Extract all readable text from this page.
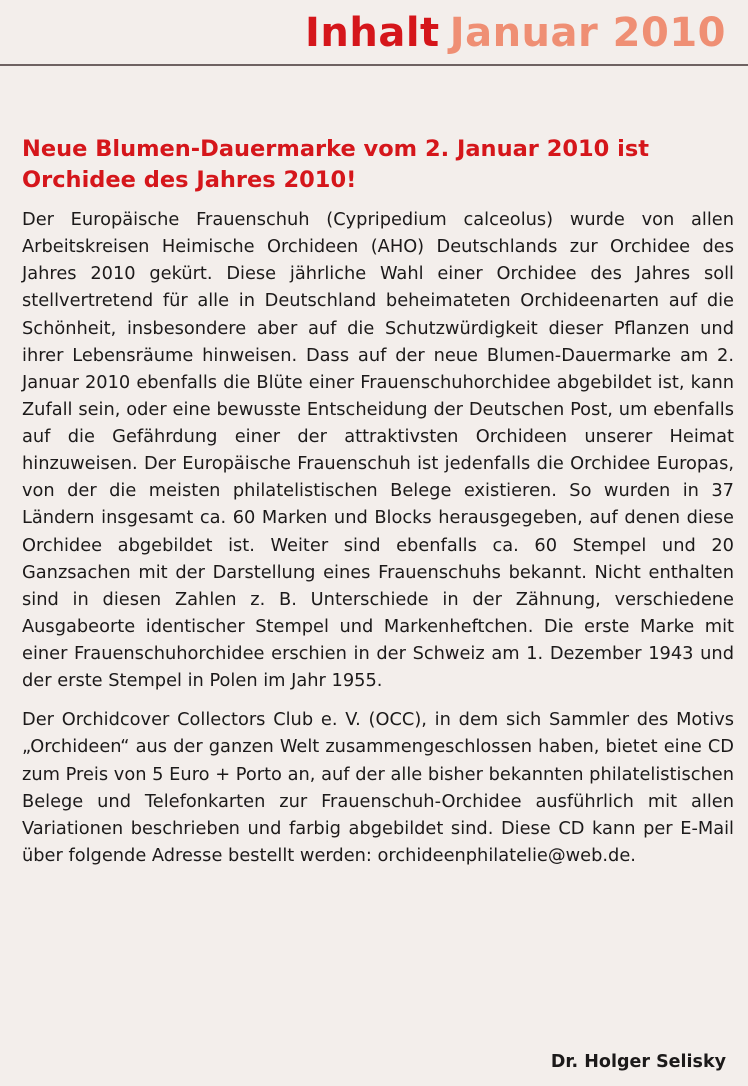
Inhalt Januar 2010
Neue Blumen-Dauermarke vom 2. Januar 2010 ist Orchidee des Jahres 2010!

Der Europäische Frauenschuh (Cypripedium calceolus) wurde von allen Arbeitskreisen Heimische Orchideen (AHO) Deutschlands zur Orchidee des Jahres 2010 gekürt. Diese jährliche Wahl einer Orchidee des Jahres soll stellvertretend für alle in Deutschland beheimateten Orchideenarten auf die Schönheit, insbesondere aber auf die Schutzwürdigkeit dieser Pflanzen und ihrer Lebensräume hinweisen. Dass auf der neue Blumen-Dauermarke am 2. Januar 2010 ebenfalls die Blüte einer Frauenschuhorchidee abgebildet ist, kann Zufall sein, oder eine bewusste Entscheidung der Deutschen Post, um ebenfalls auf die Gefährdung einer der attraktivsten Orchideen unserer Heimat hinzuweisen. Der Europäische Frauenschuh ist jedenfalls die Orchidee Europas, von der die meisten philatelistischen Belege existieren. So wurden in 37 Ländern insgesamt ca. 60 Marken und Blocks herausgegeben, auf denen diese Orchidee abgebildet ist. Weiter sind ebenfalls ca. 60 Stempel und 20 Ganzsachen mit der Darstellung eines Frauenschuhs bekannt. Nicht enthalten sind in diesen Zahlen z. B. Unterschiede in der Zähnung, verschiedene Ausgabeorte identischer Stempel und Markenheftchen. Die erste Marke mit einer Frauenschuhorchidee erschien in der Schweiz am 1. Dezember 1943 und der erste Stempel in Polen im Jahr 1955.

Der Orchidcover Collectors Club e. V. (OCC), in dem sich Sammler des Motivs „Orchideen“ aus der ganzen Welt zusammengeschlossen haben, bietet eine CD zum Preis von 5 Euro + Porto an, auf der alle bisher bekannten philatelistischen Belege und Telefonkarten zur Frauenschuh-Orchidee ausführlich mit allen Variationen beschrieben und farbig abgebildet sind. Diese CD kann per E-Mail über folgende Adresse bestellt werden: orchideenphilatelie@web.de.

Dr. Holger Selisky
